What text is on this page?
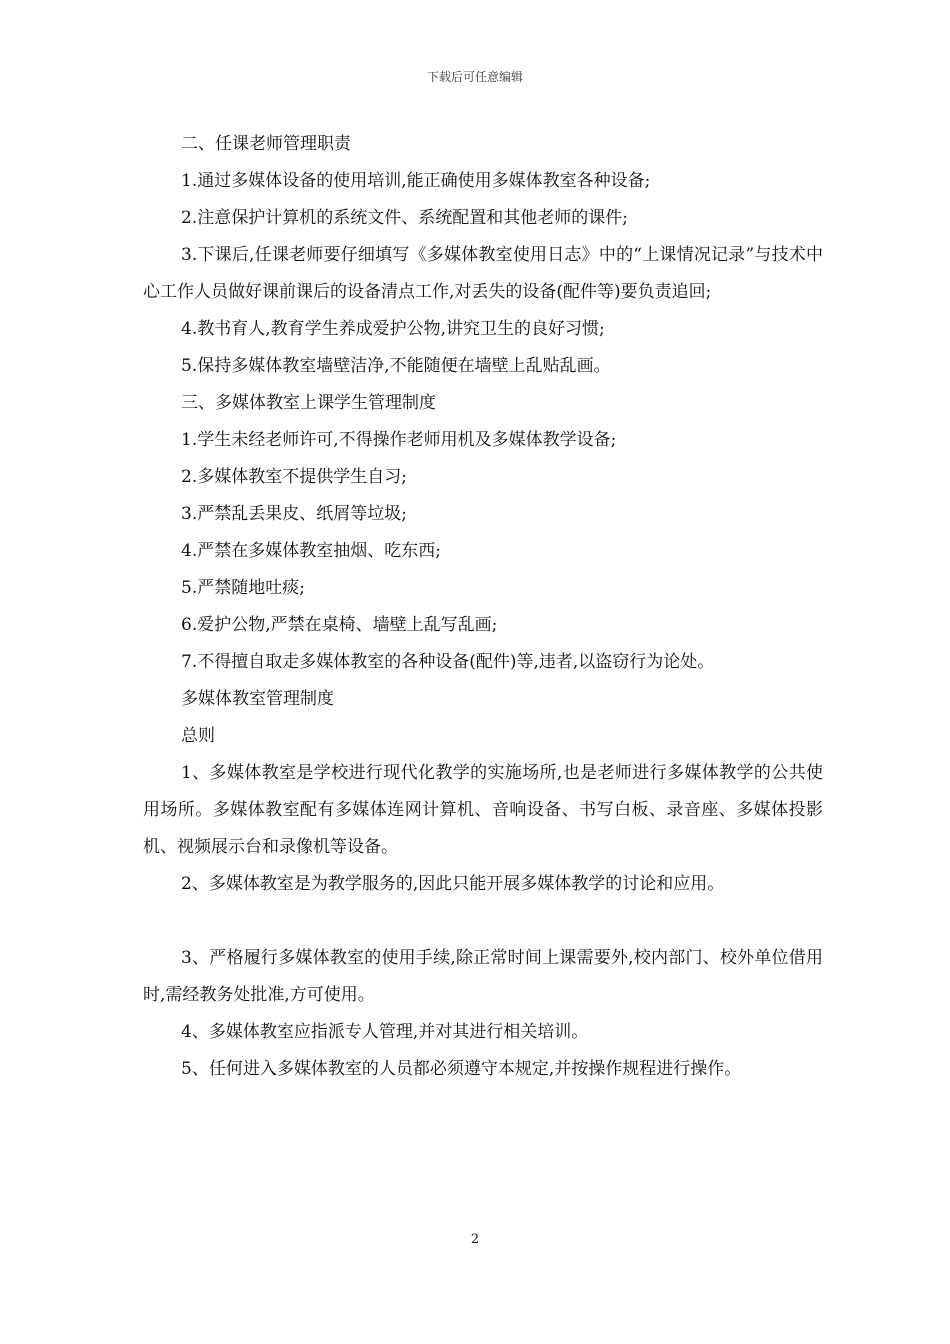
下载后可任意编辑

二、任课老师管理职责

1.通过多媒体设备的使用培训,能正确使用多媒体教室各种设备;

2.注意保护计算机的系统文件、系统配置和其他老师的课件;

3.下课后,任课老师要仔细填写《多媒体教室使用日志》中的“上课情况记录”与技术中心工作人员做好课前课后的设备清点工作,对丢失的设备(配件等)要负责追回;

4.教书育人,教育学生养成爱护公物,讲究卫生的良好习惯;

5.保持多媒体教室墙壁洁净,不能随便在墙壁上乱贴乱画。

三、多媒体教室上课学生管理制度

1.学生未经老师许可,不得操作老师用机及多媒体教学设备;

2.多媒体教室不提供学生自习;

3.严禁乱丢果皮、纸屑等垃圾;

4.严禁在多媒体教室抽烟、吃东西;

5.严禁随地吐痰;

6.爱护公物,严禁在桌椅、墙壁上乱写乱画;

7.不得擅自取走多媒体教室的各种设备(配件)等,违者,以盗窃行为论处。

多媒体教室管理制度

总则

1、多媒体教室是学校进行现代化教学的实施场所,也是老师进行多媒体教学的公共使用场所。多媒体教室配有多媒体连网计算机、音响设备、书写白板、录音座、多媒体投影机、视频展示台和录像机等设备。

2、多媒体教室是为教学服务的,因此只能开展多媒体教学的讨论和应用。

3、严格履行多媒体教室的使用手续,除正常时间上课需要外,校内部门、校外单位借用时,需经教务处批准,方可使用。

4、多媒体教室应指派专人管理,并对其进行相关培训。

5、任何进入多媒体教室的人员都必须遵守本规定,并按操作规程进行操作。

2
